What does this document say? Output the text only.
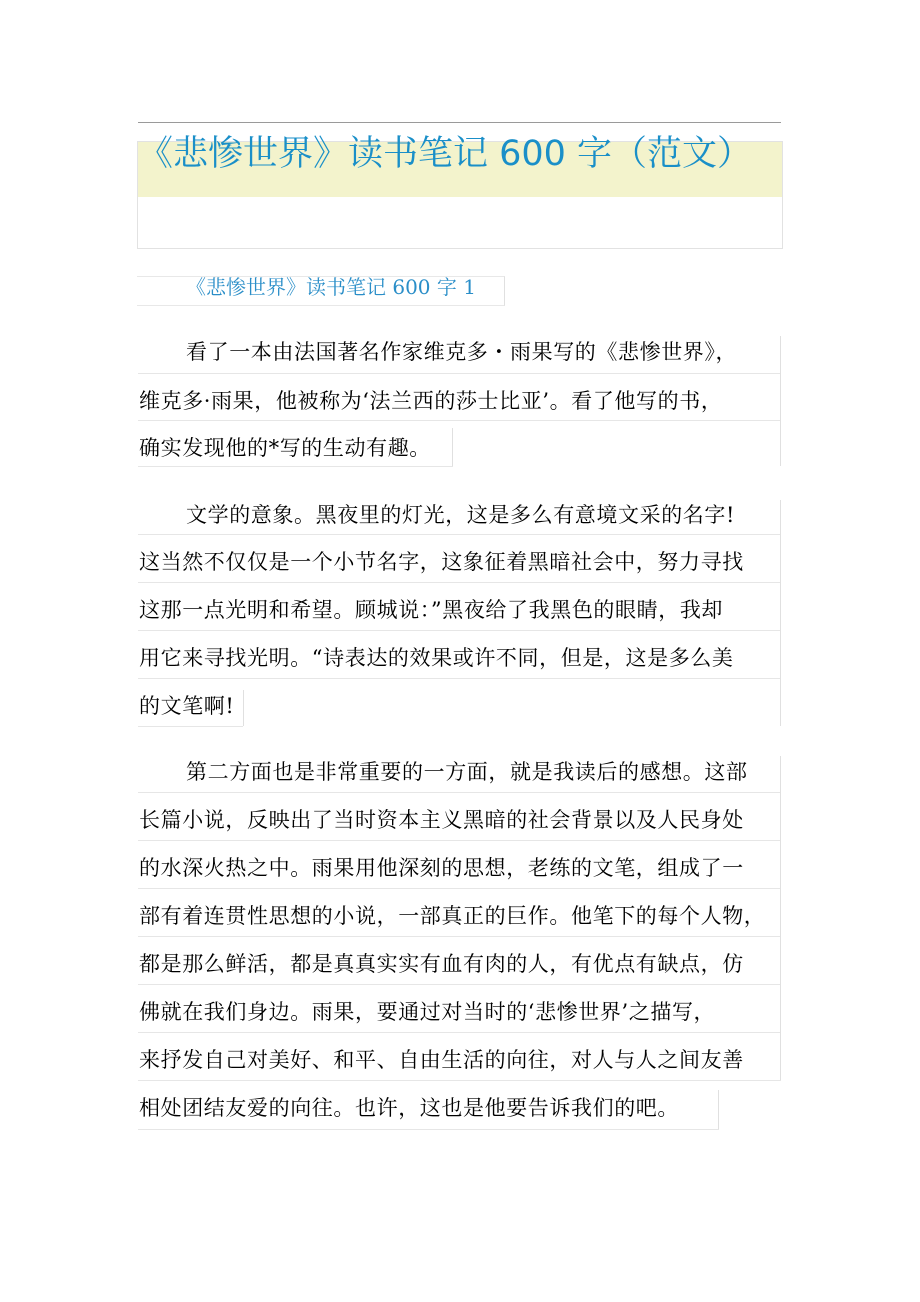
《悲惨世界》读书笔记 600 字（范文）
《悲惨世界》读书笔记 600 字 1
看了一本由法国著名作家维克多・雨果写的《悲惨世界》，
维克多·雨果，他被称为‘法兰西的莎士比亚’。看了他写的书，
确实发现他的*写的生动有趣。
文学的意象。黑夜里的灯光，这是多么有意境文采的名字!
这当然不仅仅是一个小节名字，这象征着黑暗社会中，努力寻找
这那一点光明和希望。顾城说：”黑夜给了我黑色的眼睛，我却
用它来寻找光明。“诗表达的效果或许不同，但是，这是多么美
的文笔啊!
第二方面也是非常重要的一方面，就是我读后的感想。这部
长篇小说，反映出了当时资本主义黑暗的社会背景以及人民身处
的水深火热之中。雨果用他深刻的思想，老练的文笔，组成了一
部有着连贯性思想的小说，一部真正的巨作。他笔下的每个人物，
都是那么鲜活，都是真真实实有血有肉的人，有优点有缺点，仿
佛就在我们身边。雨果，要通过对当时的‘悲惨世界’之描写，
来抒发自己对美好、和平、自由生活的向往，对人与人之间友善
相处团结友爱的向往。也许，这也是他要告诉我们的吧。
